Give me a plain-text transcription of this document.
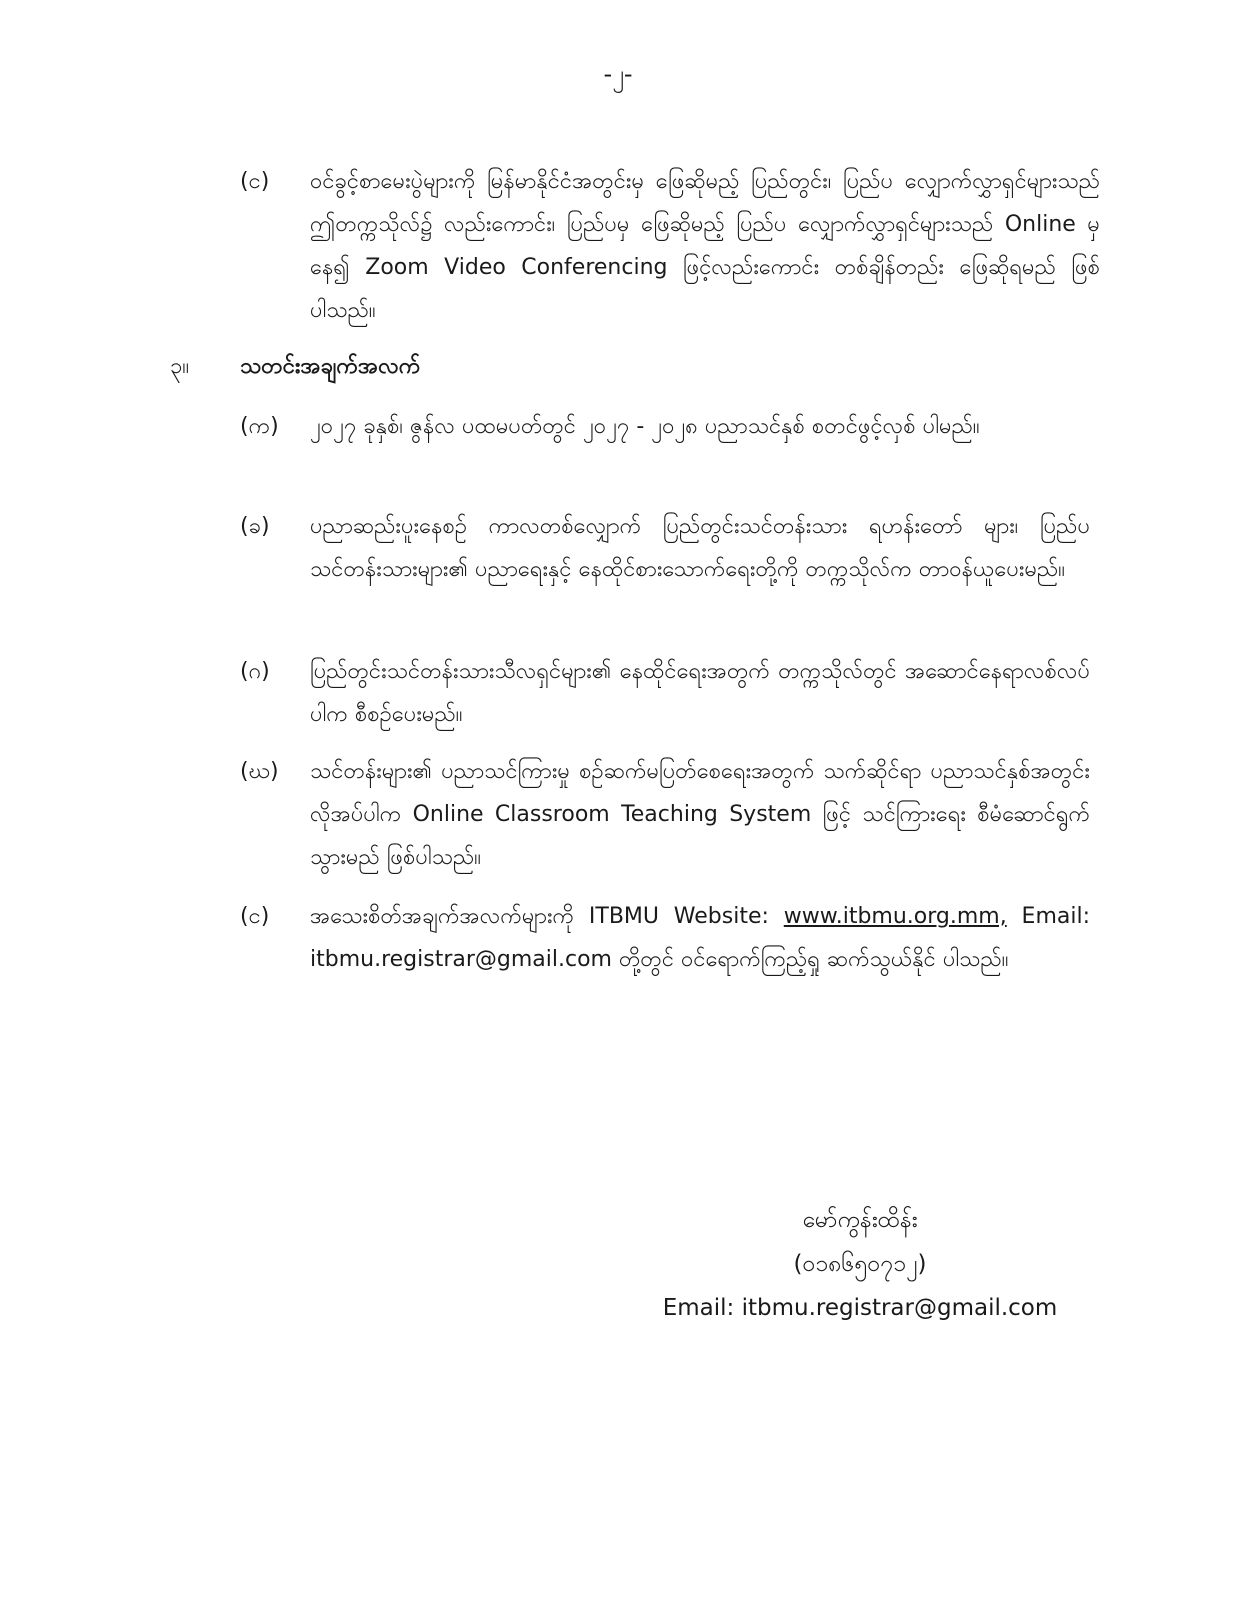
-၂-
(င) ဝင်ခွင့်စာမေးပွဲများကို မြန်မာနိုင်ငံအတွင်းမှ ဖြေဆိုမည့် ပြည်တွင်း၊ ပြည်ပ လျှောက်လွှာရှင်များသည် ဤတက္ကသိုလ်၌ လည်းကောင်း၊ ပြည်ပမှ ဖြေဆိုမည့် ပြည်ပ လျှောက်လွှာရှင်များသည် Online မှနေ၍ Zoom Video Conferencing ဖြင့်လည်းကောင်း တစ်ချိန်တည်း ဖြေဆိုရမည် ဖြစ်ပါသည်။
၃။ သတင်းအချက်အလက်
(က) ၂၀၂၇ ခုနှစ်၊ ဇွန်လ ပထမပတ်တွင် ၂၀၂၇ - ၂၀၂၈ ပညာသင်နှစ် စတင်ဖွင့်လှစ် ပါမည်။
(ခ) ပညာဆည်းပူးနေစဉ် ကာလတစ်လျှောက် ပြည်တွင်းသင်တန်းသား ရဟန်းတော် များ၊ ပြည်ပသင်တန်းသားများ၏ ပညာရေးနှင့် နေထိုင်စားသောက်ရေးတို့ကို တက္ကသိုလ်က တာဝန်ယူပေးမည်။
(ဂ) ပြည်တွင်းသင်တန်းသားသီလရှင်များ၏ နေထိုင်ရေးအတွက် တက္ကသိုလ်တွင် အဆောင်နေရာလစ်လပ်ပါက စီစဉ်ပေးမည်။
(ဃ) သင်တန်းများ၏ ပညာသင်ကြားမှု စဉ်ဆက်မပြတ်စေရေးအတွက် သက်ဆိုင်ရာ ပညာသင်နှစ်အတွင်း လိုအပ်ပါက Online Classroom Teaching System ဖြင့် သင်ကြားရေး စီမံဆောင်ရွက်သွားမည် ဖြစ်ပါသည်။
(င) အသေးစိတ်အချက်အလက်များကို ITBMU Website: www.itbmu.org.mm, Email: itbmu.registrar@gmail.com တို့တွင် ဝင်ရောက်ကြည့်ရှု ဆက်သွယ်နိုင် ပါသည်။
မော်ကွန်းထိန်း
(၀၁၈၆၅၀၇၁၂)
Email: itbmu.registrar@gmail.com
